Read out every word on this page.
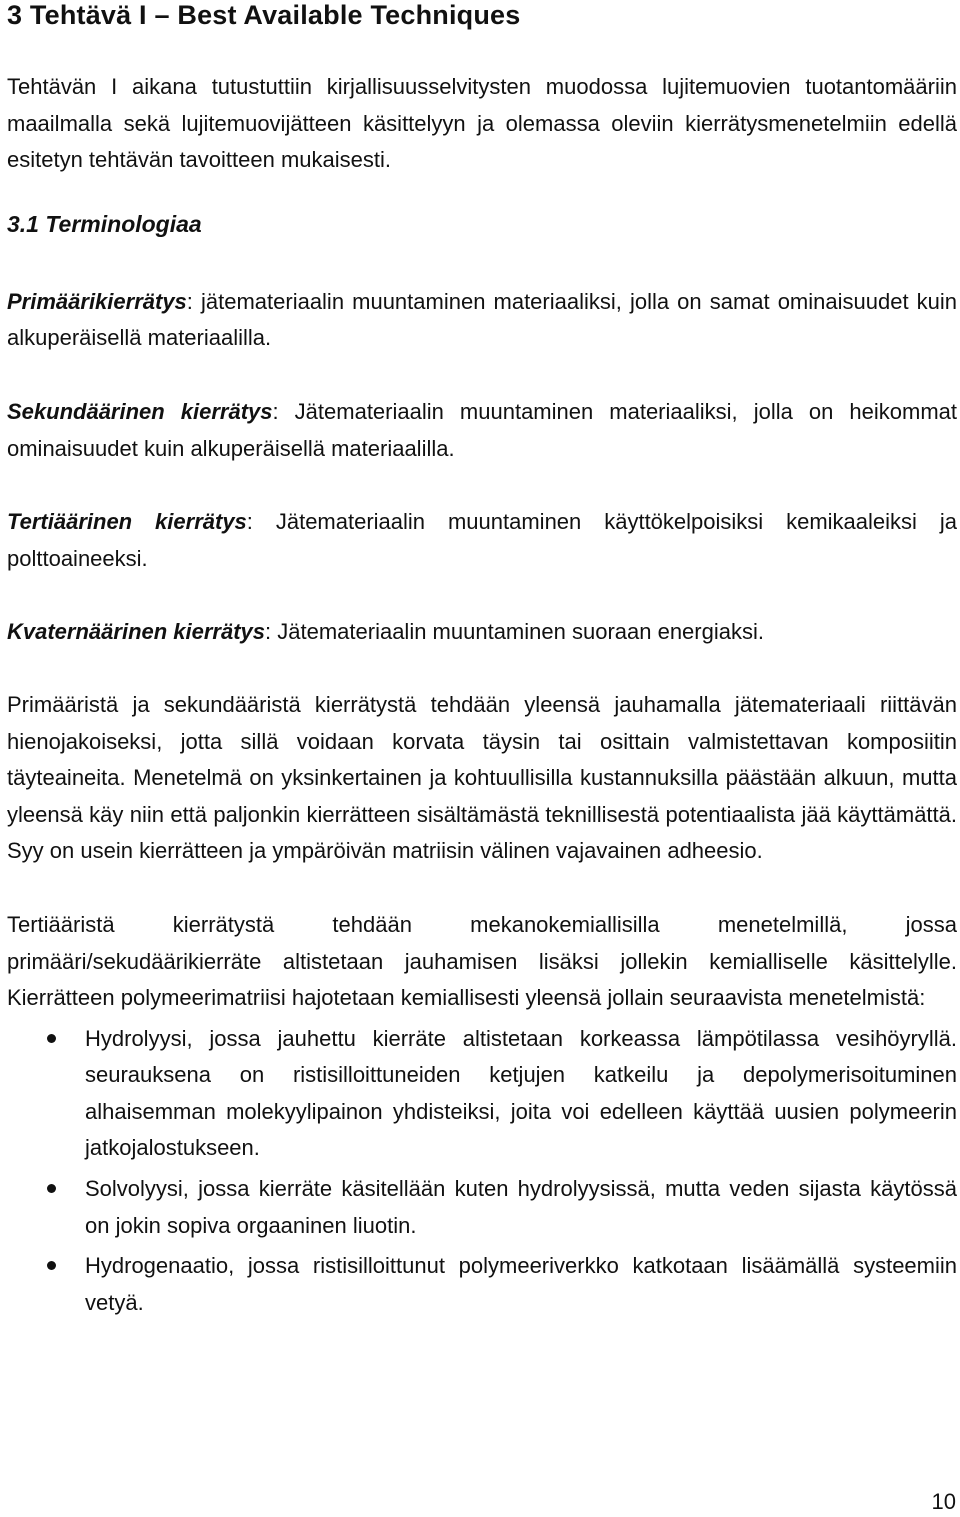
3 Tehtävä I – Best Available Techniques

Tehtävän I aikana tutustuttiin kirjallisuusselvitysten muodossa lujitemuovien tuotantomääriin maailmalla sekä lujitemuovijätteen käsittelyyn ja olemassa oleviin kierrätysmenetelmiin edellä esitetyn tehtävän tavoitteen mukaisesti.

3.1 Terminologiaa

Primäärikierrätys: jätemateriaalin muuntaminen materiaaliksi, jolla on samat ominaisuudet kuin alkuperäisellä materiaalilla.

Sekundäärinen kierrätys: Jätemateriaalin muuntaminen materiaaliksi, jolla on heikommat ominaisuudet kuin alkuperäisellä materiaalilla.

Tertiäärinen kierrätys: Jätemateriaalin muuntaminen käyttökelpoisiksi kemikaaleiksi ja polttoaineeksi.

Kvaternäärinen kierrätys: Jätemateriaalin muuntaminen suoraan energiaksi.

Primääristä ja sekundääristä kierrätystä tehdään yleensä jauhamalla jätemateriaali riittävän hienojakoiseksi, jotta sillä voidaan korvata täysin tai osittain valmistettavan komposiitin täyteaineita. Menetelmä on yksinkertainen ja kohtuullisilla kustannuksilla päästään alkuun, mutta yleensä käy niin että paljonkin kierrätteen sisältämästä teknillisestä potentiaalista jää käyttämättä. Syy on usein kierrätteen ja ympäröivän matriisin välinen vajavainen adheesio.

Tertiääristä kierrätystä tehdään mekanokemiallisilla menetelmillä, jossa primääri/sekudäärikierräte altistetaan jauhamisen lisäksi jollekin kemialliselle käsittelylle. Kierrätteen polymeerimatriisi hajotetaan kemiallisesti yleensä jollain seuraavista menetelmistä:

Hydrolyysi, jossa jauhettu kierräte altistetaan korkeassa lämpötilassa vesihöyryllä. seurauksena on ristisilloittuneiden ketjujen katkeilu ja depolymerisoituminen alhaisemman molekyylipainon yhdisteiksi, joita voi edelleen käyttää uusien polymeerin jatkojalostukseen.
Solvolyysi, jossa kierräte käsitellään kuten hydrolyysissä, mutta veden sijasta käytössä on jokin sopiva orgaaninen liuotin.
Hydrogenaatio, jossa ristisilloittunut polymeeriverkko katkotaan lisäämällä systeemiin vetyä.
10
